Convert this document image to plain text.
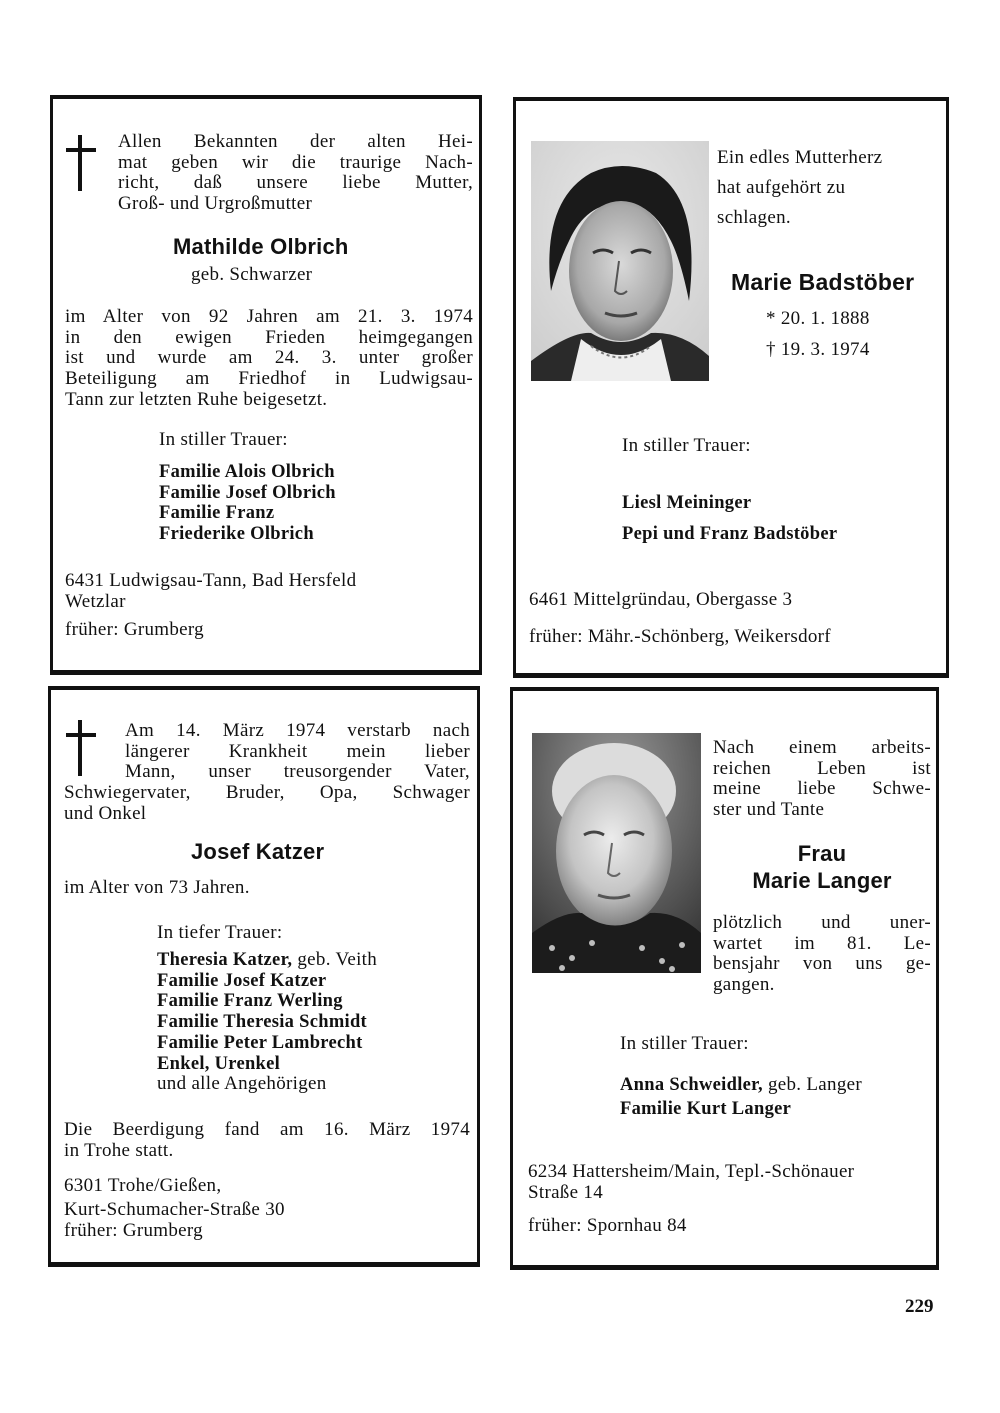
Allen Bekannten der alten Hei-
mat geben wir die traurige Nach-
richt, daß unsere liebe Mutter,
Groß- und Urgroßmutter
Mathilde Olbrich
geb. Schwarzer
im Alter von 92 Jahren am 21. 3. 1974
in den ewigen Frieden heimgegangen
ist und wurde am 24. 3. unter großer
Beteiligung am Friedhof in Ludwigsau-
Tann zur letzten Ruhe beigesetzt.
In stiller Trauer:
Familie Alois Olbrich
Familie Josef Olbrich
Familie Franz
Friederike Olbrich
6431 Ludwigsau-Tann, Bad Hersfeld
Wetzlar
früher: Grumberg
Ein edles Mutterherz
hat aufgehört zu
schlagen.
Marie Badstöber
* 20. 1. 1888
† 19. 3. 1974
In stiller Trauer:
Liesl Meininger
Pepi und Franz Badstöber
6461 Mittelgründau, Obergasse 3
früher: Mähr.-Schönberg, Weikersdorf
Am 14. März 1974 verstarb nach
längerer Krankheit mein lieber
Mann, unser treusorgender Vater,
Schwiegervater, Bruder, Opa, Schwager
und Onkel
Josef Katzer
im Alter von 73 Jahren.
In tiefer Trauer:
Theresia Katzer, geb. Veith
Familie Josef Katzer
Familie Franz Werling
Familie Theresia Schmidt
Familie Peter Lambrecht
Enkel, Urenkel
und alle Angehörigen
Die Beerdigung fand am 16. März 1974
in Trohe statt.
6301 Trohe/Gießen,
Kurt-Schumacher-Straße 30
früher: Grumberg
Nach einem arbeits-
reichen Leben ist
meine liebe Schwe-
ster und Tante
Frau
Marie Langer
plötzlich und uner-
wartet im 81. Le-
bensjahr von uns ge-
gangen.
In stiller Trauer:
Anna Schweidler, geb. Langer
Familie Kurt Langer
6234 Hattersheim/Main, Tepl.-Schönauer
Straße 14
früher: Spornhau 84
229
